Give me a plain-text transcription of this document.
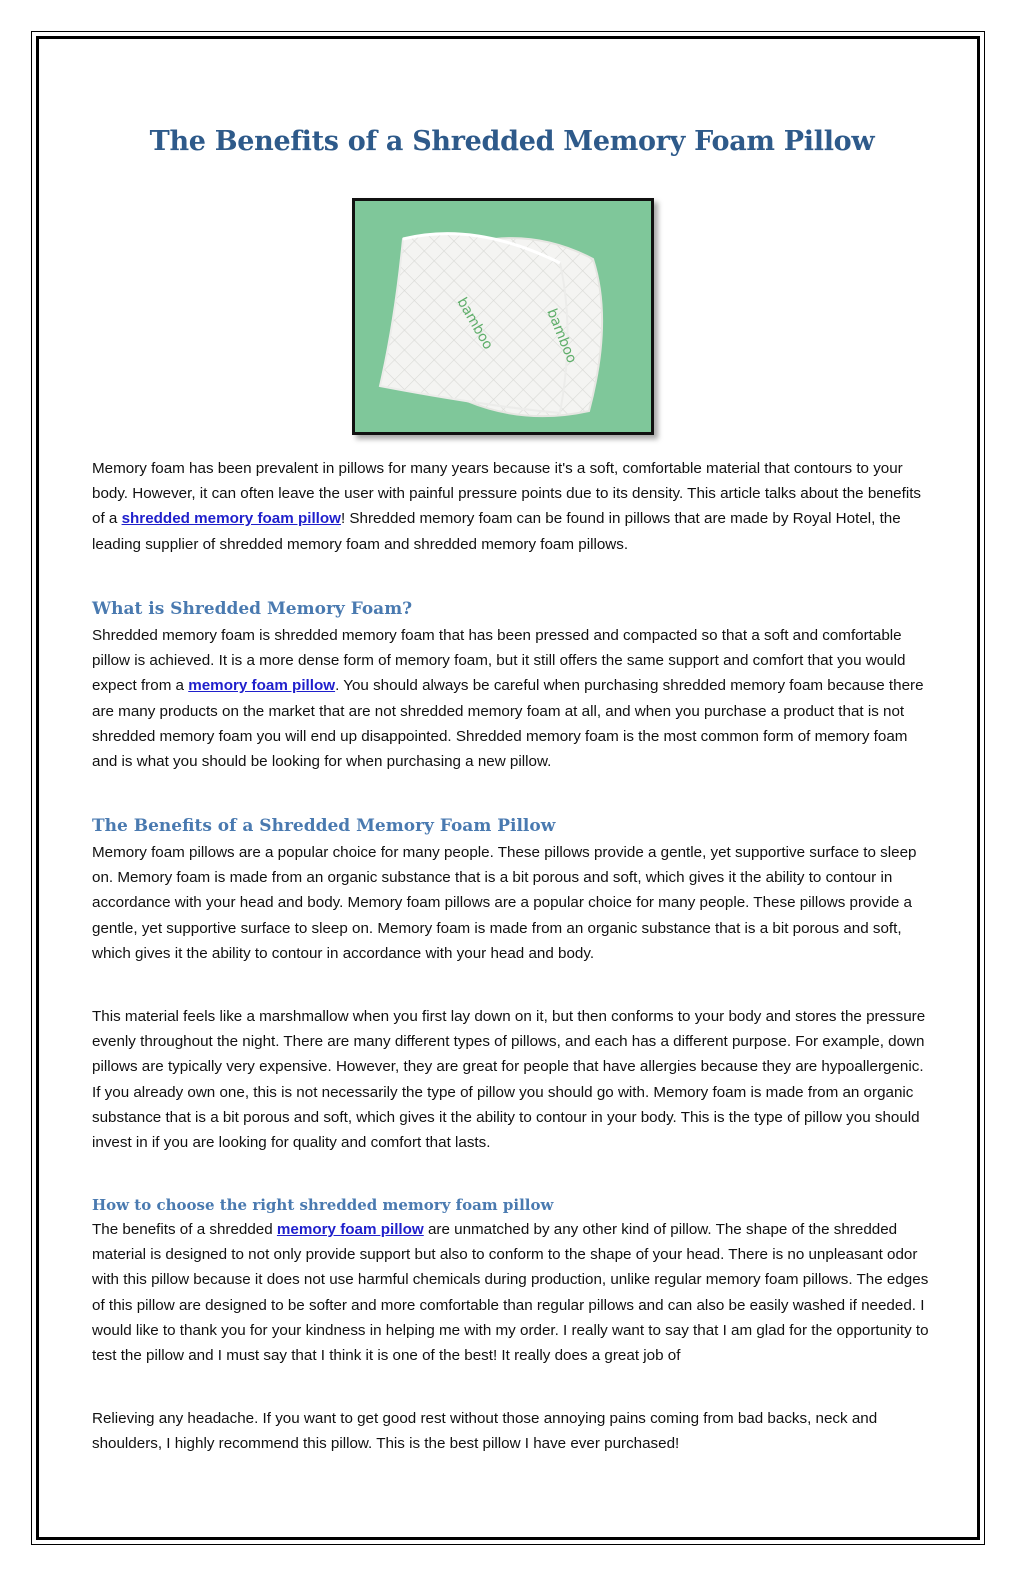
The Benefits of a Shredded Memory Foam Pillow
bamboo	bamboo

Memory foam has been prevalent in pillows for many years because it's a soft, comfortable material that contours to your body. However, it can often leave the user with painful pressure points due to its density. This article talks about the benefits of a shredded memory foam pillow! Shredded memory foam can be found in pillows that are made by Royal Hotel, the leading supplier of shredded memory foam and shredded memory foam pillows.

What is Shredded Memory Foam?

Shredded memory foam is shredded memory foam that has been pressed and compacted so that a soft and comfortable pillow is achieved. It is a more dense form of memory foam, but it still offers the same support and comfort that you would expect from a memory foam pillow. You should always be careful when purchasing shredded memory foam because there are many products on the market that are not shredded memory foam at all, and when you purchase a product that is not shredded memory foam you will end up disappointed. Shredded memory foam is the most common form of memory foam and is what you should be looking for when purchasing a new pillow.

The Benefits of a Shredded Memory Foam Pillow

Memory foam pillows are a popular choice for many people. These pillows provide a gentle, yet supportive surface to sleep on. Memory foam is made from an organic substance that is a bit porous and soft, which gives it the ability to contour in accordance with your head and body. Memory foam pillows are a popular choice for many people. These pillows provide a gentle, yet supportive surface to sleep on. Memory foam is made from an organic substance that is a bit porous and soft, which gives it the ability to contour in accordance with your head and body.

This material feels like a marshmallow when you first lay down on it, but then conforms to your body and stores the pressure evenly throughout the night. There are many different types of pillows, and each has a different purpose. For example, down pillows are typically very expensive. However, they are great for people that have allergies because they are hypoallergenic. If you already own one, this is not necessarily the type of pillow you should go with. Memory foam is made from an organic substance that is a bit porous and soft, which gives it the ability to contour in your body. This is the type of pillow you should invest in if you are looking for quality and comfort that lasts.

How to choose the right shredded memory foam pillow

The benefits of a shredded memory foam pillow are unmatched by any other kind of pillow. The shape of the shredded material is designed to not only provide support but also to conform to the shape of your head. There is no unpleasant odor with this pillow because it does not use harmful chemicals during production, unlike regular memory foam pillows. The edges of this pillow are designed to be softer and more comfortable than regular pillows and can also be easily washed if needed. I would like to thank you for your kindness in helping me with my order. I really want to say that I am glad for the opportunity to test the pillow and I must say that I think it is one of the best! It really does a great job of

Relieving any headache. If you want to get good rest without those annoying pains coming from bad backs, neck and shoulders, I highly recommend this pillow. This is the best pillow I have ever purchased!
